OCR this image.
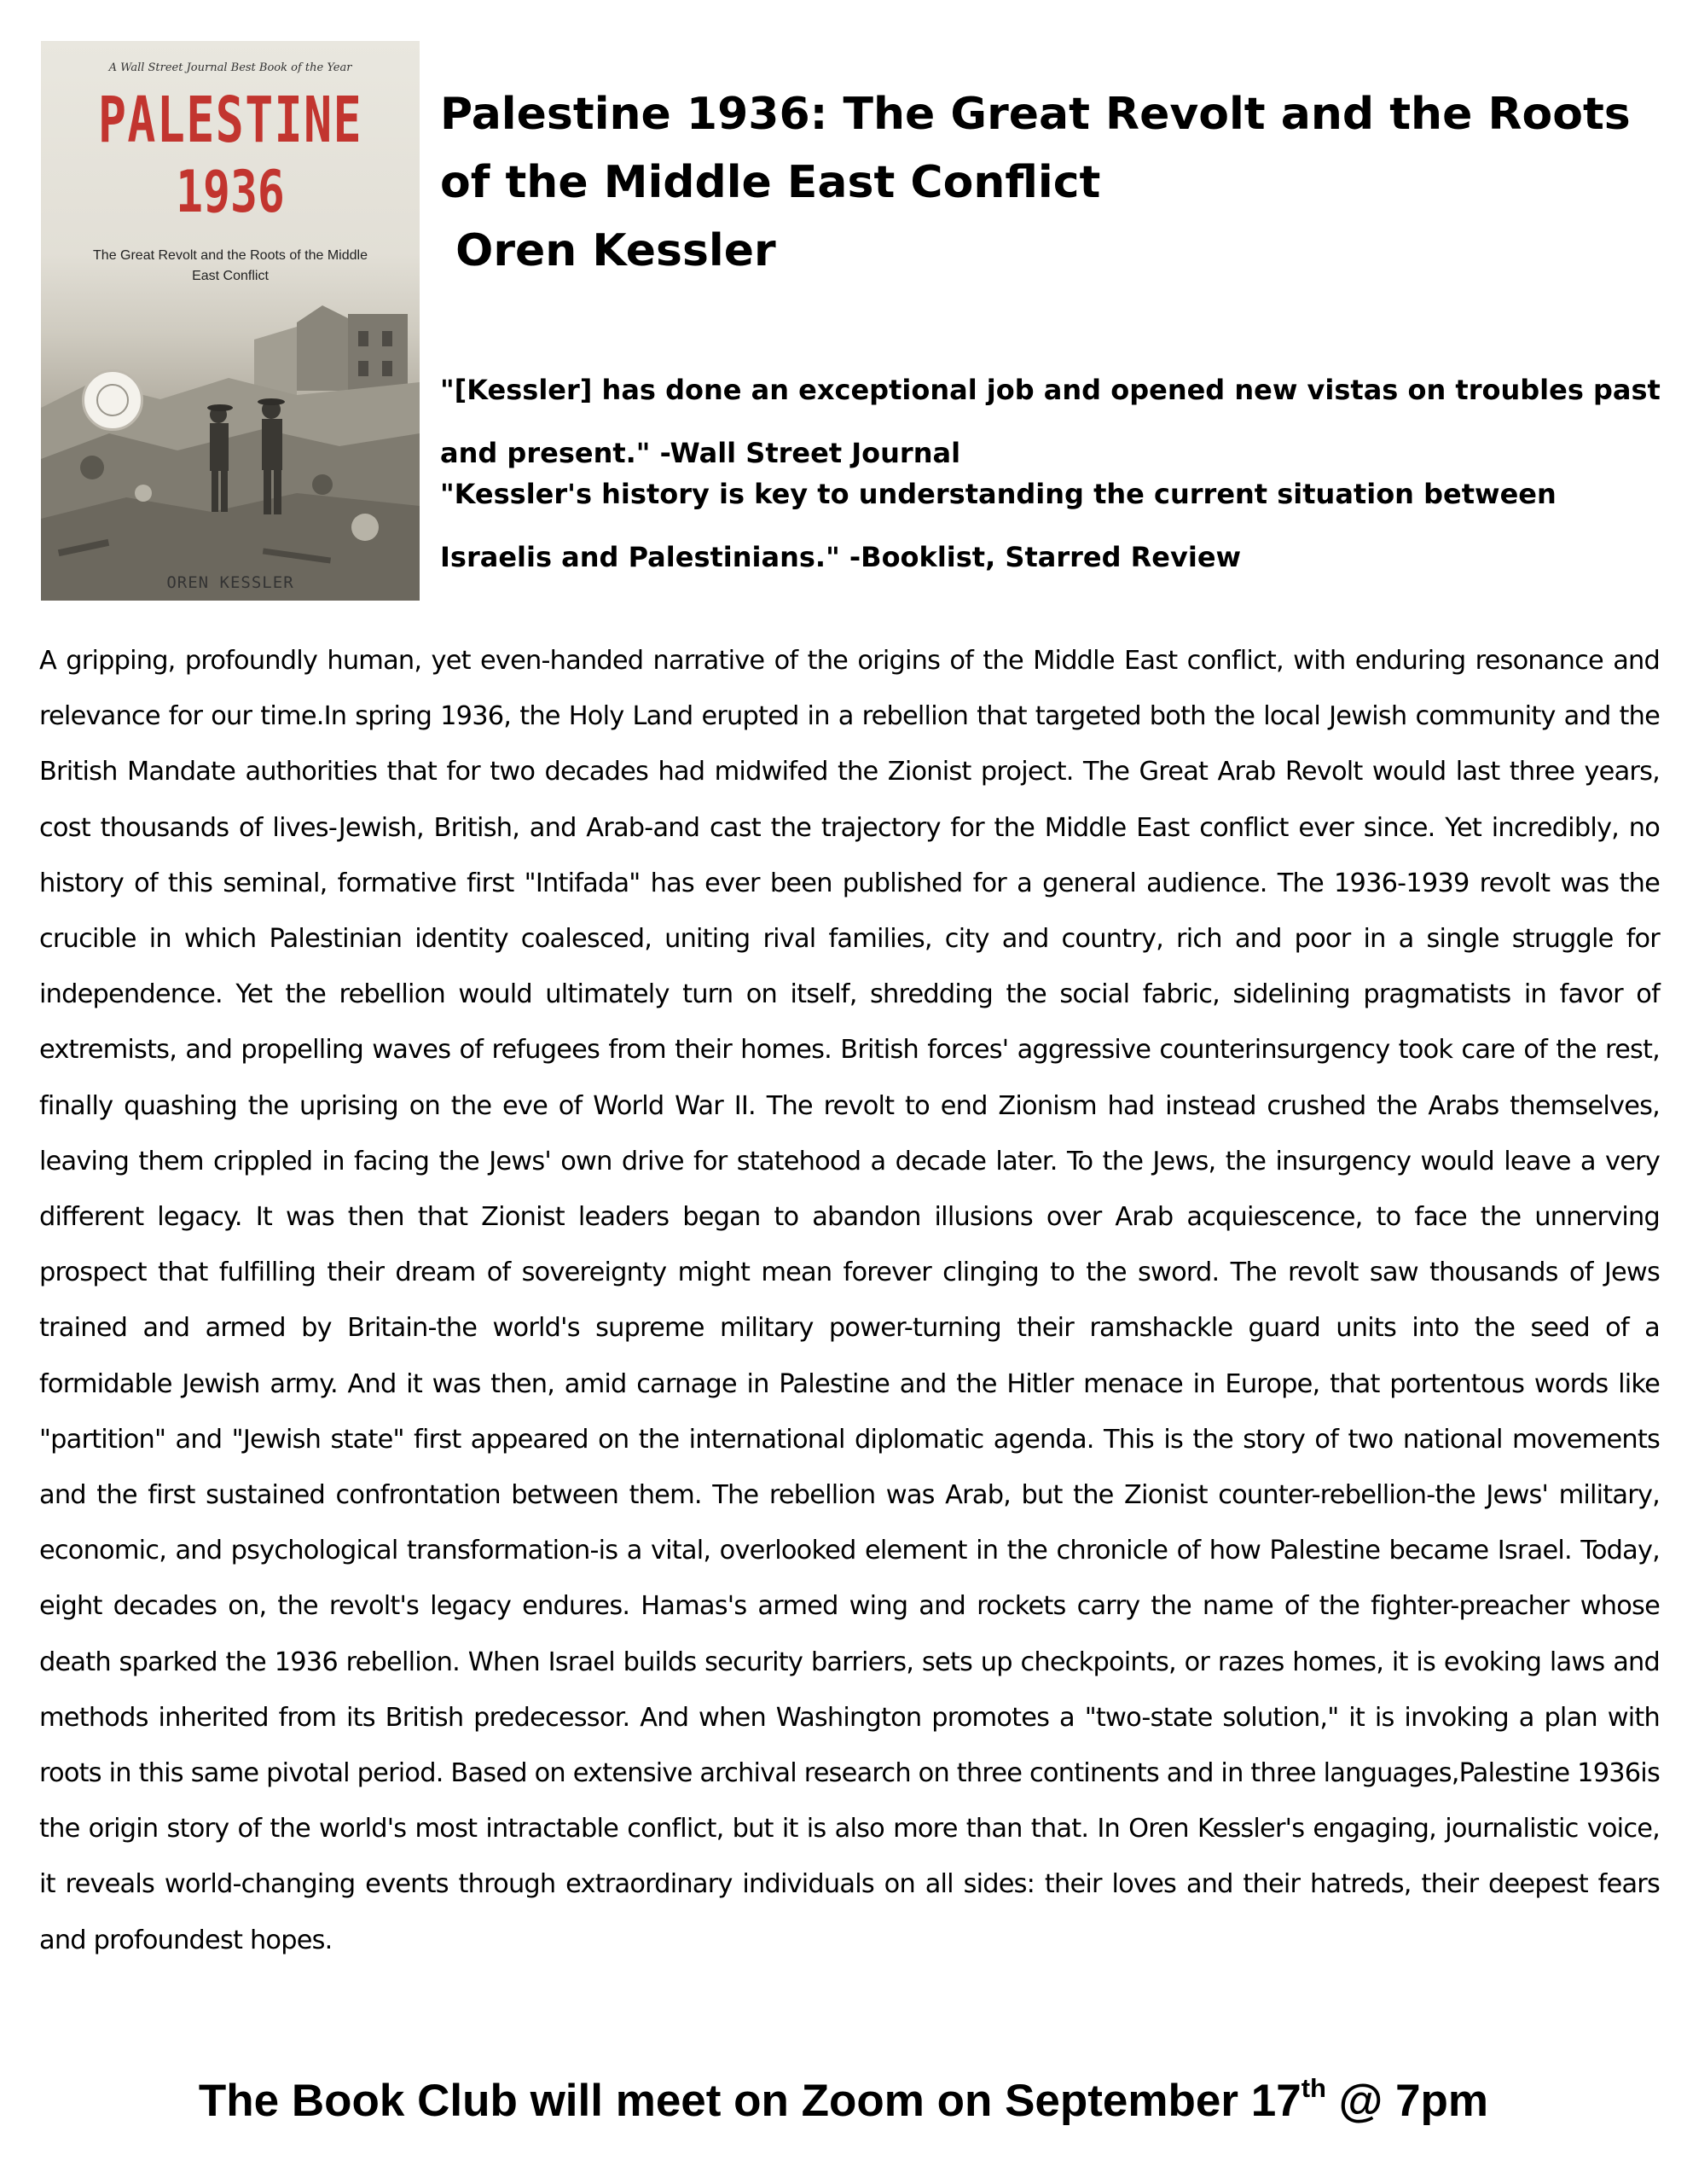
A Wall Street Journal Best Book of the Year
PALESTINE
1936
The Great Revolt and the Roots of the Middle East Conflict
OREN KESSLER
Palestine 1936: The Great Revolt and the Roots
of the Middle East Conflict
Oren Kessler
"[Kessler] has done an exceptional job and opened new vistas on troubles past and present." -Wall Street Journal
"Kessler's history is key to understanding the current situation between Israelis and Palestinians." -Booklist, Starred Review
A gripping, profoundly human, yet even-handed narrative of the origins of the Middle East conflict, with enduring resonance and relevance for our time.In spring 1936, the Holy Land erupted in a rebellion that targeted both the local Jewish community and the British Mandate authorities that for two decades had midwifed the Zionist project. The Great Arab Revolt would last three years, cost thousands of lives-Jewish, British, and Arab-and cast the trajectory for the Middle East conflict ever since. Yet incredibly, no history of this seminal, formative first "Intifada" has ever been published for a general audience. The 1936-1939 revolt was the crucible in which Palestinian identity coalesced, uniting rival families, city and country, rich and poor in a single struggle for independence. Yet the rebellion would ultimately turn on itself, shredding the social fabric, sidelining pragmatists in favor of extremists, and propelling waves of refugees from their homes. British forces' aggressive counterinsurgency took care of the rest, finally quashing the uprising on the eve of World War II. The revolt to end Zionism had instead crushed the Arabs themselves, leaving them crippled in facing the Jews' own drive for statehood a decade later. To the Jews, the insurgency would leave a very different legacy. It was then that Zionist leaders began to abandon illusions over Arab acquiescence, to face the unnerving prospect that fulfilling their dream of sovereignty might mean forever clinging to the sword. The revolt saw thousands of Jews trained and armed by Britain-the world's supreme military power-turning their ramshackle guard units into the seed of a formidable Jewish army. And it was then, amid carnage in Palestine and the Hitler menace in Europe, that portentous words like "partition" and "Jewish state" first appeared on the international diplomatic agenda. This is the story of two national movements and the first sustained confrontation between them. The rebellion was Arab, but the Zionist counter-rebellion-the Jews' military, economic, and psychological transformation-is a vital, overlooked element in the chronicle of how Palestine became Israel. Today, eight decades on, the revolt's legacy endures. Hamas's armed wing and rockets carry the name of the fighter-preacher whose death sparked the 1936 rebellion. When Israel builds security barriers, sets up checkpoints, or razes homes, it is evoking laws and methods inherited from its British predecessor. And when Washington promotes a "two-state solution," it is invoking a plan with roots in this same pivotal period. Based on extensive archival research on three continents and in three languages,Palestine 1936is the origin story of the world's most intractable conflict, but it is also more than that. In Oren Kessler's engaging, journalistic voice, it reveals world-changing events through extraordinary individuals on all sides: their loves and their hatreds, their deepest fears and profoundest hopes.
The Book Club will meet on Zoom on September 17th @ 7pm
